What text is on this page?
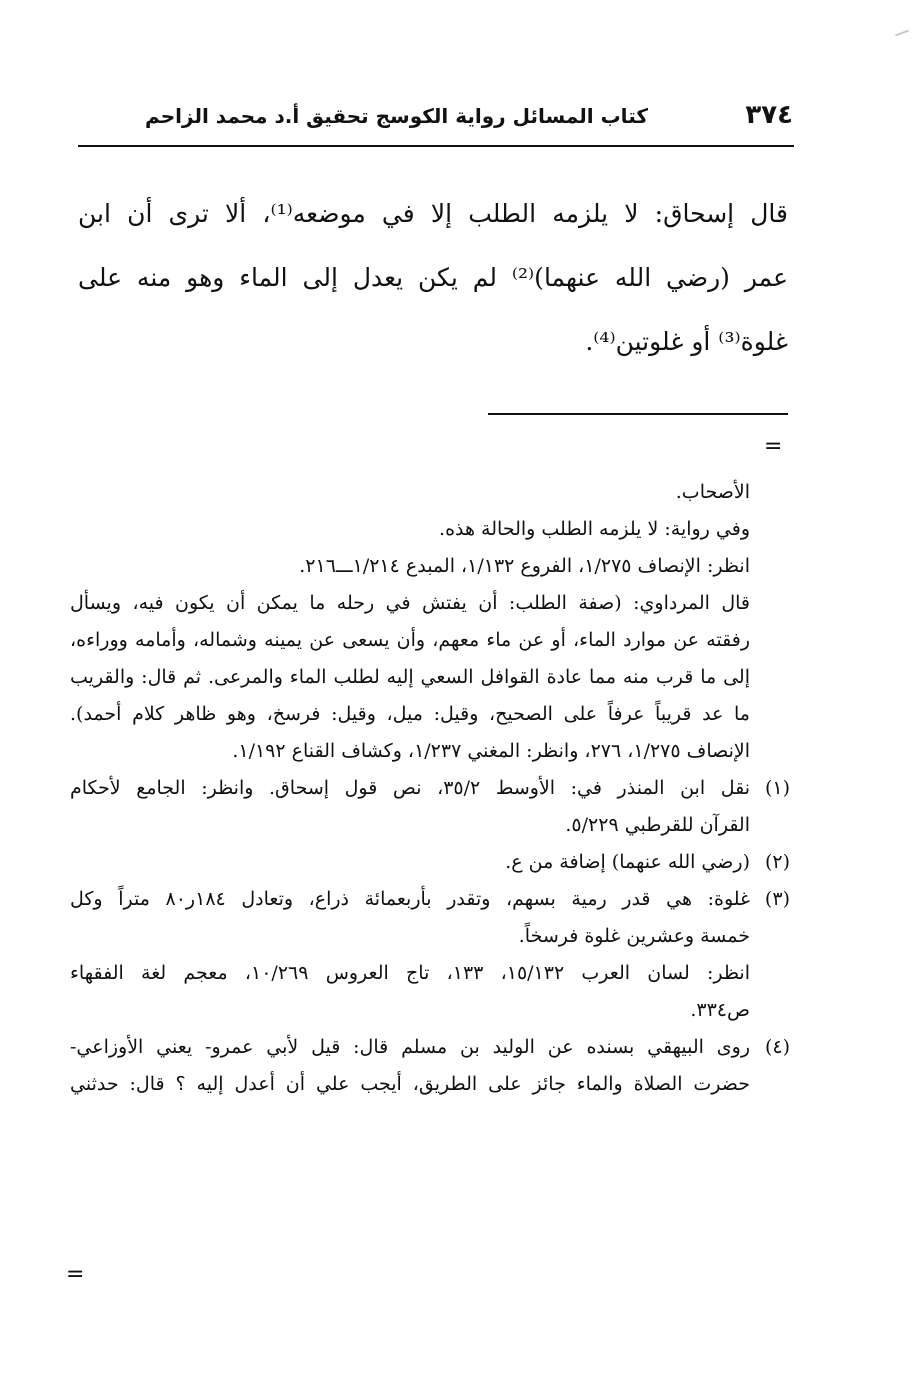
٣٧٤
كتاب المسائل رواية الكوسج تحقيق أ.د محمد الزاحم
قال إسحاق: لا يلزمه الطلب إلا في موضعه⁽¹⁾، ألا ترى أن ابن
عمر (رضي الله عنهما)⁽²⁾ لم يكن يعدل إلى الماء وهو منه على
غلوة⁽³⁾ أو غلوتين⁽⁴⁾.
=
الأصحاب.
وفي رواية: لا يلزمه الطلب والحالة هذه.
انظر: الإنصاف ١/٢٧٥، الفروع ١/١٣٢، المبدع ١/٢١٤ـــ٢١٦.
قال المرداوي: (صفة الطلب: أن يفتش في رحله ما يمكن أن يكون فيه، ويسأل
رفقته عن موارد الماء، أو عن ماء معهم، وأن يسعى عن يمينه وشماله، وأمامه ووراءه،
إلى ما قرب منه مما عادة القوافل السعي إليه لطلب الماء والمرعى. ثم قال: والقريب
ما عد قريباً عرفاً على الصحيح، وقيل: ميل، وقيل: فرسخ، وهو ظاهر كلام أحمد).
الإنصاف ١/٢٧٥، ٢٧٦، وانظر: المغني ١/٢٣٧، وكشاف القناع ١/١٩٢.
(١)نقل ابن المنذر في: الأوسط ٣٥/٢، نص قول إسحاق. وانظر: الجامع لأحكام
القرآن للقرطبي ٥/٢٢٩.
(٢)(رضي الله عنهما) إضافة من ع.
(٣)غلوة: هي قدر رمية بسهم، وتقدر بأربعمائة ذراع، وتعادل ١٨٤ر٨٠ متراً وكل
خمسة وعشرين غلوة فرسخاً.
انظر: لسان العرب ١٥/١٣٢، ١٣٣، تاج العروس ١٠/٢٦٩، معجم لغة الفقهاء
ص٣٣٤.
(٤)روى البيهقي بسنده عن الوليد بن مسلم قال: قيل لأبي عمرو- يعني الأوزاعي-
حضرت الصلاة والماء جائز على الطريق، أيجب علي أن أعدل إليه ؟ قال: حدثني
=
